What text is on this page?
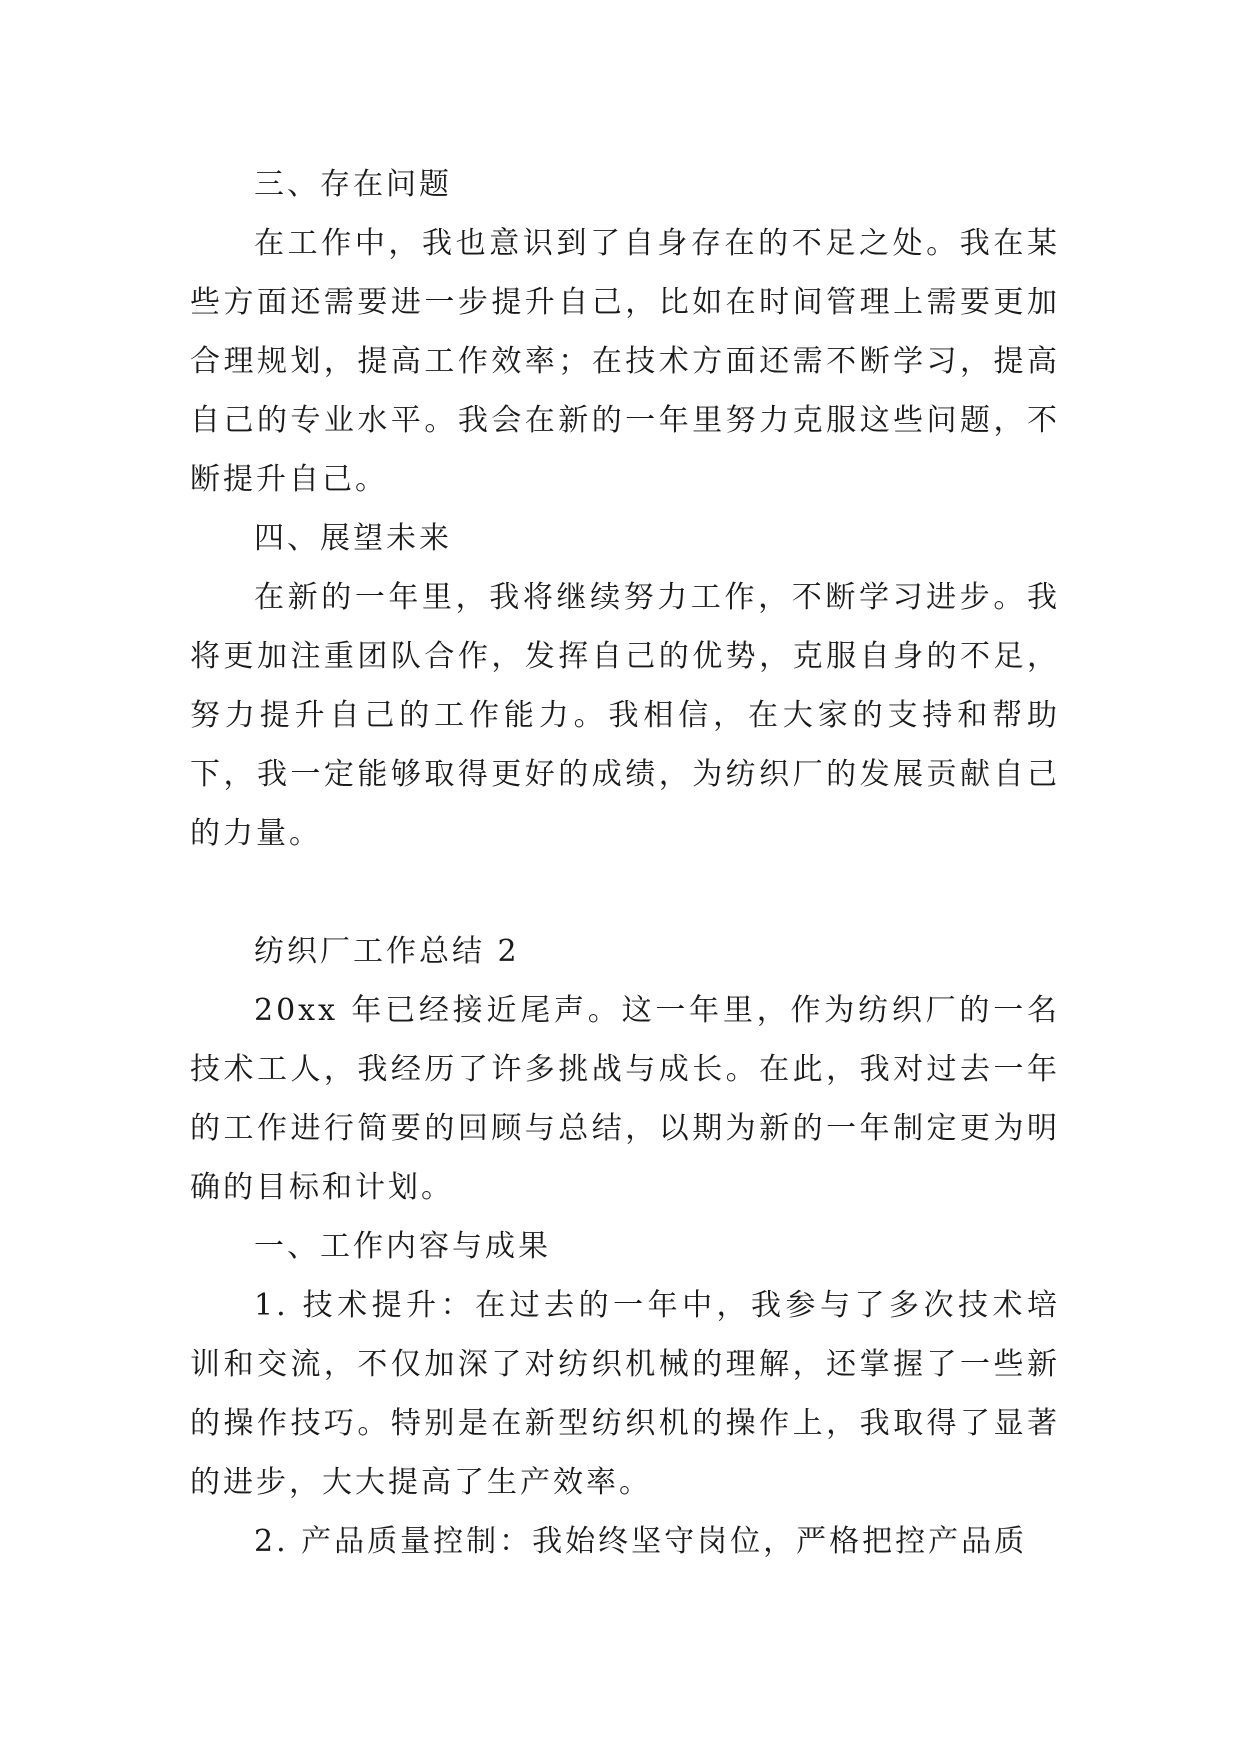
三、存在问题

在工作中，我也意识到了自身存在的不足之处。我在某些方面还需要进一步提升自己，比如在时间管理上需要更加合理规划，提高工作效率；在技术方面还需不断学习，提高自己的专业水平。我会在新的一年里努力克服这些问题，不断提升自己。

四、展望未来

在新的一年里，我将继续努力工作，不断学习进步。我将更加注重团队合作，发挥自己的优势，克服自身的不足，努力提升自己的工作能力。我相信，在大家的支持和帮助下，我一定能够取得更好的成绩，为纺织厂的发展贡献自己的力量。

纺织厂工作总结 2

20xx 年已经接近尾声。这一年里，作为纺织厂的一名技术工人，我经历了许多挑战与成长。在此，我对过去一年的工作进行简要的回顾与总结，以期为新的一年制定更为明确的目标和计划。

一、工作内容与成果

1. 技术提升：在过去的一年中，我参与了多次技术培训和交流，不仅加深了对纺织机械的理解，还掌握了一些新的操作技巧。特别是在新型纺织机的操作上，我取得了显著的进步，大大提高了生产效率。

2. 产品质量控制：我始终坚守岗位，严格把控产品质
